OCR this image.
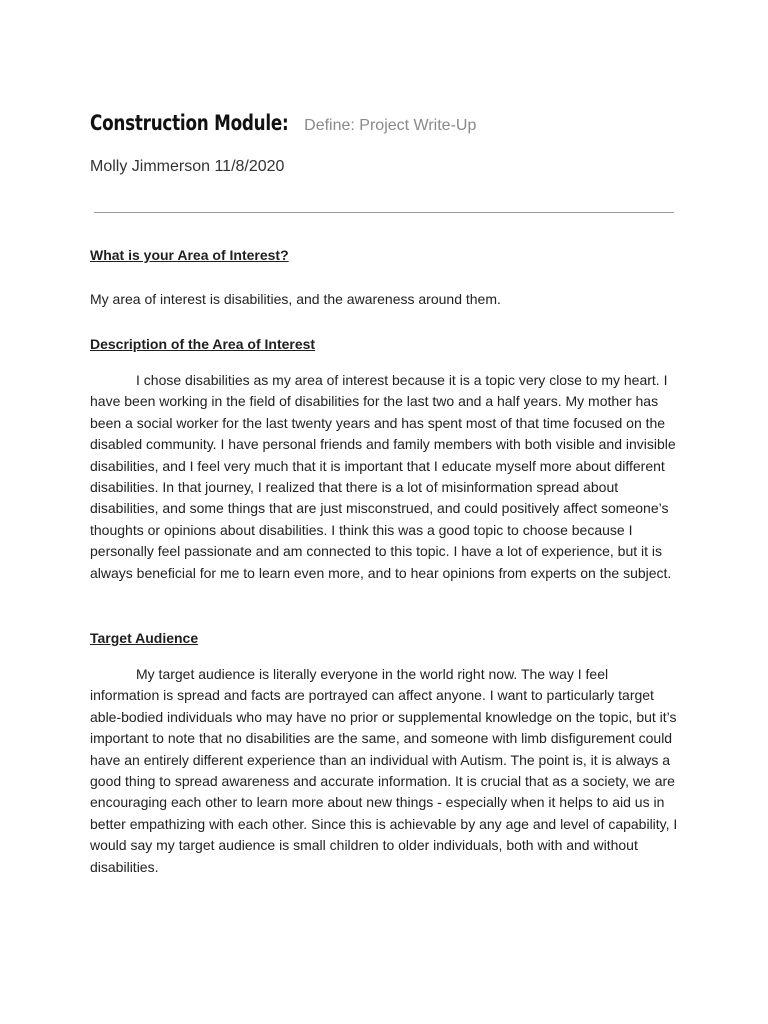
Construction Module: Define: Project Write-Up
Molly Jimmerson 11/8/2020
What is your Area of Interest?

My area of interest is disabilities, and the awareness around them.

Description of the Area of Interest

I chose disabilities as my area of interest because it is a topic very close to my heart. I have been working in the field of disabilities for the last two and a half years. My mother has been a social worker for the last twenty years and has spent most of that time focused on the disabled community. I have personal friends and family members with both visible and invisible disabilities, and I feel very much that it is important that I educate myself more about different disabilities. In that journey, I realized that there is a lot of misinformation spread about disabilities, and some things that are just misconstrued, and could positively affect someone’s thoughts or opinions about disabilities. I think this was a good topic to choose because I personally feel passionate and am connected to this topic. I have a lot of experience, but it is always beneficial for me to learn even more, and to hear opinions from experts on the subject.

Target Audience

My target audience is literally everyone in the world right now. The way I feel information is spread and facts are portrayed can affect anyone. I want to particularly target able-bodied individuals who may have no prior or supplemental knowledge on the topic, but it’s important to note that no disabilities are the same, and someone with limb disfigurement could have an entirely different experience than an individual with Autism. The point is, it is always a good thing to spread awareness and accurate information. It is crucial that as a society, we are encouraging each other to learn more about new things - especially when it helps to aid us in better empathizing with each other. Since this is achievable by any age and level of capability, I would say my target audience is small children to older individuals, both with and without disabilities.
